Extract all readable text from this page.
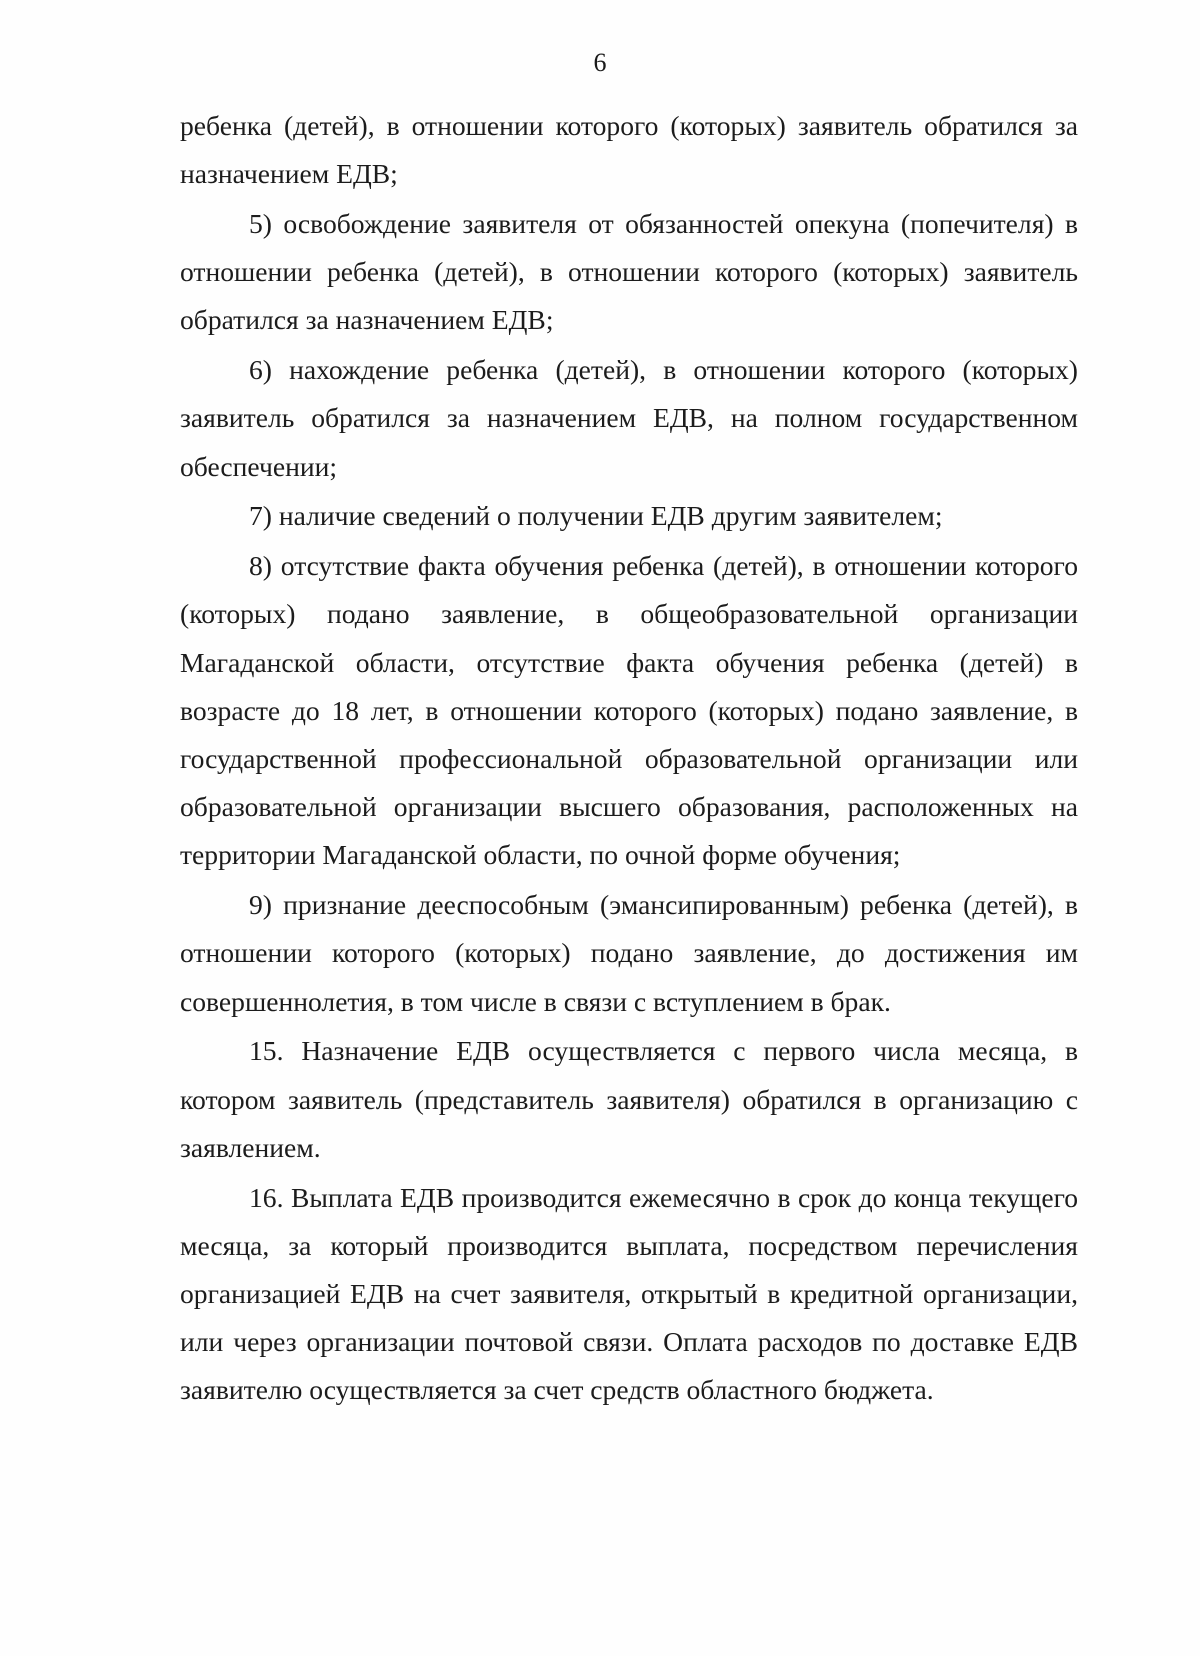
6

ребенка (детей), в отношении которого (которых) заявитель обратился за назначением ЕДВ;

5) освобождение заявителя от обязанностей опекуна (попечителя) в отношении ребенка (детей), в отношении которого (которых) заявитель обратился за назначением ЕДВ;

6) нахождение ребенка (детей), в отношении которого (которых) заявитель обратился за назначением ЕДВ, на полном государственном обеспечении;

7) наличие сведений о получении ЕДВ другим заявителем;

8) отсутствие факта обучения ребенка (детей), в отношении которого (которых) подано заявление, в общеобразовательной организации Магаданской области, отсутствие факта обучения ребенка (детей) в возрасте до 18 лет, в отношении которого (которых) подано заявление, в государственной профессиональной образовательной организации или образовательной организации высшего образования, расположенных на территории Магаданской области, по очной форме обучения;

9) признание дееспособным (эмансипированным) ребенка (детей), в отношении которого (которых) подано заявление, до достижения им совершеннолетия, в том числе в связи с вступлением в брак.

15. Назначение ЕДВ осуществляется с первого числа месяца, в котором заявитель (представитель заявителя) обратился в организацию с заявлением.

16. Выплата ЕДВ производится ежемесячно в срок до конца текущего месяца, за который производится выплата, посредством перечисления организацией ЕДВ на счет заявителя, открытый в кредитной организации, или через организации почтовой связи. Оплата расходов по доставке ЕДВ заявителю осуществляется за счет средств областного бюджета.
